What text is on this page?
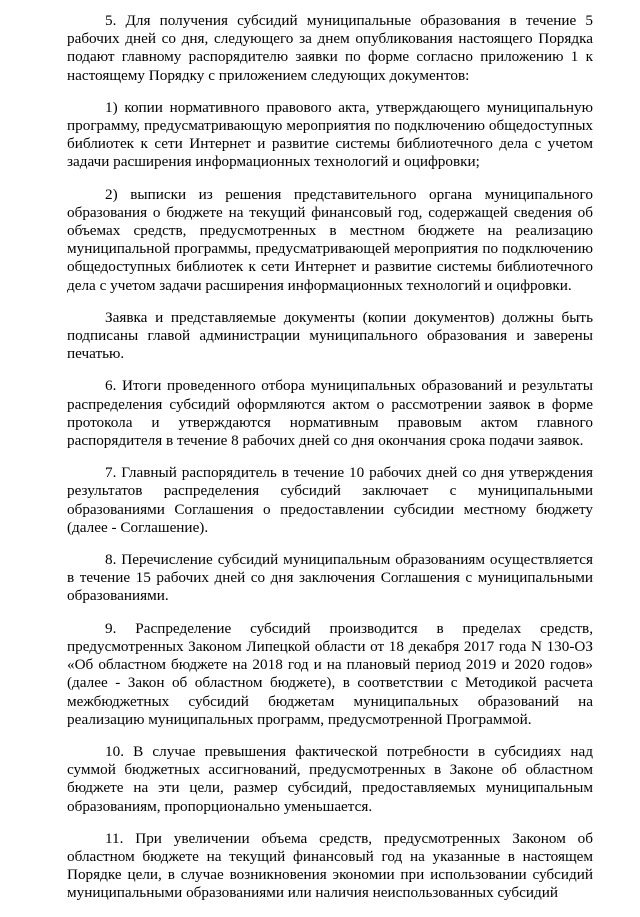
5. Для получения субсидий муниципальные образования в течение 5 рабочих дней со дня, следующего за днем опубликования настоящего Порядка подают главному распорядителю заявки по форме согласно приложению 1 к настоящему Порядку с приложением следующих документов:

1) копии нормативного правового акта, утверждающего муниципальную программу, предусматривающую мероприятия по подключению общедоступных библиотек к сети Интернет и развитие системы библиотечного дела с учетом задачи расширения информационных технологий и оцифровки;

2) выписки из решения представительного органа муниципального образования о бюджете на текущий финансовый год, содержащей сведения об объемах средств, предусмотренных в местном бюджете на реализацию муниципальной программы, предусматривающей мероприятия по подключению общедоступных библиотек к сети Интернет и развитие системы библиотечного дела с учетом задачи расширения информационных технологий и оцифровки.

Заявка и представляемые документы (копии документов) должны быть подписаны главой администрации муниципального образования и заверены печатью.

6. Итоги проведенного отбора муниципальных образований и результаты распределения субсидий оформляются актом о рассмотрении заявок в форме протокола и утверждаются нормативным правовым актом главного распорядителя в течение 8 рабочих дней со дня окончания срока подачи заявок.

7. Главный распорядитель в течение 10 рабочих дней со дня утверждения результатов распределения субсидий заключает с муниципальными образованиями Соглашения о предоставлении субсидии местному бюджету (далее - Соглашение).

8. Перечисление субсидий муниципальным образованиям осуществляется в течение 15 рабочих дней со дня заключения Соглашения с муниципальными образованиями.

9. Распределение субсидий производится в пределах средств, предусмотренных Законом Липецкой области от 18 декабря 2017 года N 130-ОЗ «Об областном бюджете на 2018 год и на плановый период 2019 и 2020 годов» (далее - Закон об областном бюджете), в соответствии с Методикой расчета межбюджетных субсидий бюджетам муниципальных образований на реализацию муниципальных программ, предусмотренной Программой.

10. В случае превышения фактической потребности в субсидиях над суммой бюджетных ассигнований, предусмотренных в Законе об областном бюджете на эти цели, размер субсидий, предоставляемых муниципальным образованиям, пропорционально уменьшается.

11. При увеличении объема средств, предусмотренных Законом об областном бюджете на текущий финансовый год на указанные в настоящем Порядке цели, в случае возникновения экономии при использовании субсидий муниципальными образованиями или наличия неиспользованных субсидий
